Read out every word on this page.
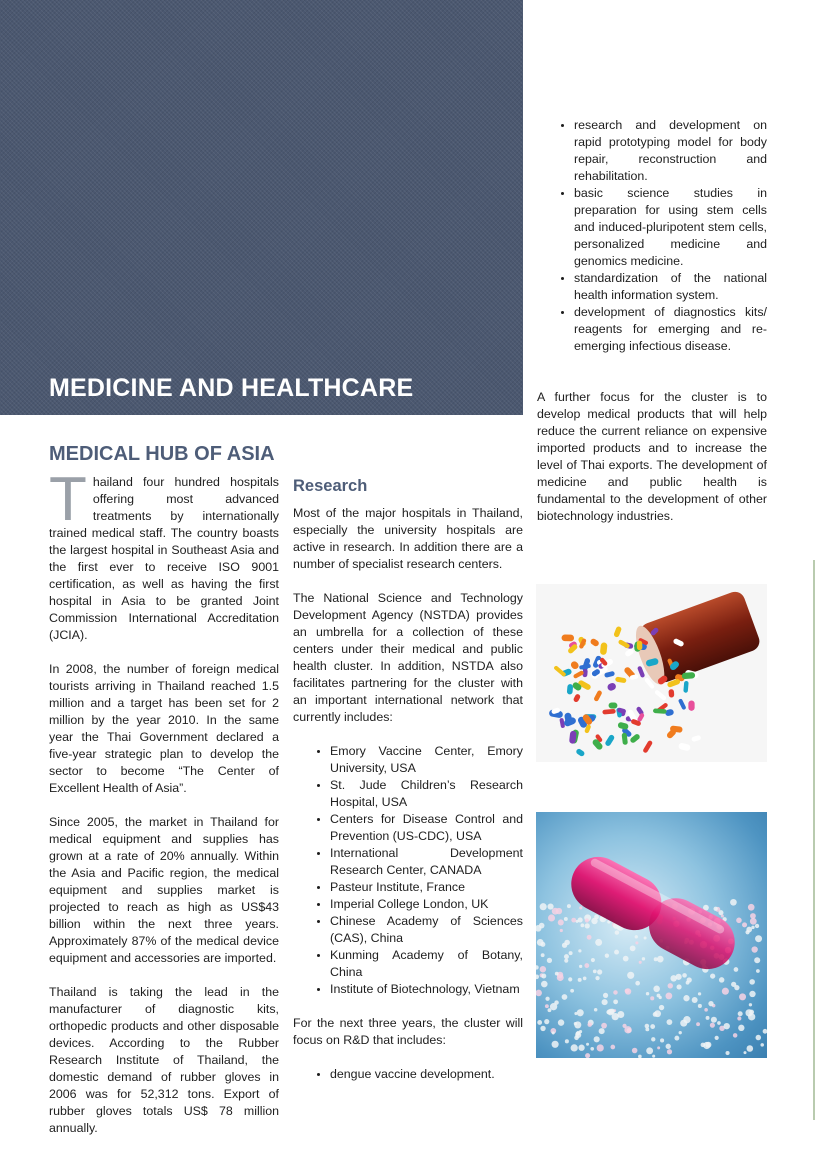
MEDICINE AND HEALTHCARE
MEDICAL HUB OF ASIA

Thailand four hundred hospitals offering most advanced treatments by internationally trained medical staff. The country boasts the largest hospital in Southeast Asia and the first ever to receive ISO 9001 certification, as well as having the first hospital in Asia to be granted Joint Commission International Accreditation (JCIA).

In 2008, the number of foreign medical tourists arriving in Thailand reached 1.5 million and a target has been set for 2 million by the year 2010. In the same year the Thai Government declared a five-year strategic plan to develop the sector to become “The Center of Excellent Health of Asia”.

Since 2005, the market in Thailand for medical equipment and supplies has grown at a rate of 20% annually. Within the Asia and Pacific region, the medical equipment and supplies market is projected to reach as high as US$43 billion within the next three years. Approximately 87% of the medical device equipment and accessories are imported.

Thailand is taking the lead in the manufacturer of diagnostic kits, orthopedic products and other disposable devices. According to the Rubber Research Institute of Thailand, the domestic demand of rubber gloves in 2006 was for 52,312 tons. Export of rubber gloves totals US$ 78 million annually.

Research

Most of the major hospitals in Thailand, especially the university hospitals are active in research. In addition there are a number of specialist research centers.

The National Science and Technology Development Agency (NSTDA) provides an umbrella for a collection of these centers under their medical and public health cluster. In addition, NSTDA also facilitates partnering for the cluster with an important international network that currently includes:

• Emory Vaccine Center, Emory University, USA
• St. Jude Children’s Research Hospital, USA
• Centers for Disease Control and Prevention (US-CDC), USA
• International Development Research Center, CANADA
• Pasteur Institute, France
• Imperial College London, UK
• Chinese Academy of Sciences (CAS), China
• Kunming Academy of Botany, China
• Institute of Biotechnology, Vietnam

For the next three years, the cluster will focus on R&D that includes:

• dengue vaccine development.
• research and development on rapid prototyping model for body repair, reconstruction and rehabilitation.
• basic science studies in preparation for using stem cells and induced-pluripotent stem cells, personalized medicine and genomics medicine.
• standardization of the national health information system.
• development of diagnostics kits/ reagents for emerging and re-emerging infectious disease.

A further focus for the cluster is to develop medical products that will help reduce the current reliance on expensive imported products and to increase the level of Thai exports. The development of medicine and public health is fundamental to the development of other biotechnology industries.
